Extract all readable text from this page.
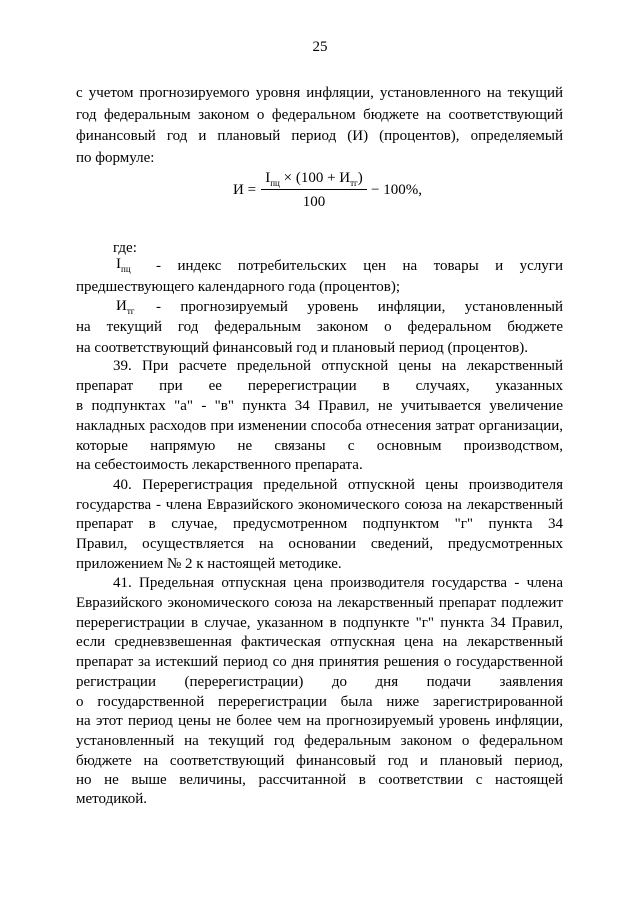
25
с учетом прогнозируемого уровня инфляции, установленного на текущий
год федеральным законом о федеральном бюджете на соответствующий
финансовый год и плановый период (И) (процентов), определяемый
по формуле:
И =
$I_{пц} \times (100 + И_{тг})$
100
− 100%,
где:
$I_{пц}$ - индекс потребительских цен на товары и услуги
предшествующего календарного года (процентов);
$И_{тг}$ - прогнозируемый уровень инфляции, установленный
на текущий год федеральным законом о федеральном бюджете
на соответствующий финансовый год и плановый период (процентов).
39. При расчете предельной отпускной цены на лекарственный
препарат при ее перерегистрации в случаях, указанных
в подпунктах "а" - "в" пункта 34 Правил, не учитывается увеличение
накладных расходов при изменении способа отнесения затрат организации,
которые напрямую не связаны с основным производством,
на себестоимость лекарственного препарата.
40. Перерегистрация предельной отпускной цены производителя
государства - члена Евразийского экономического союза на лекарственный
препарат в случае, предусмотренном подпунктом "г" пункта 34
Правил, осуществляется на основании сведений, предусмотренных
приложением № 2 к настоящей методике.
41. Предельная отпускная цена производителя государства - члена
Евразийского экономического союза на лекарственный препарат подлежит
перерегистрации в случае, указанном в подпункте "г" пункта 34 Правил,
если средневзвешенная фактическая отпускная цена на лекарственный
препарат за истекший период со дня принятия решения о государственной
регистрации (перерегистрации) до дня подачи заявления
о государственной перерегистрации была ниже зарегистрированной
на этот период цены не более чем на прогнозируемый уровень инфляции,
установленный на текущий год федеральным законом о федеральном
бюджете на соответствующий финансовый год и плановый период,
но не выше величины, рассчитанной в соответствии с настоящей
методикой.
